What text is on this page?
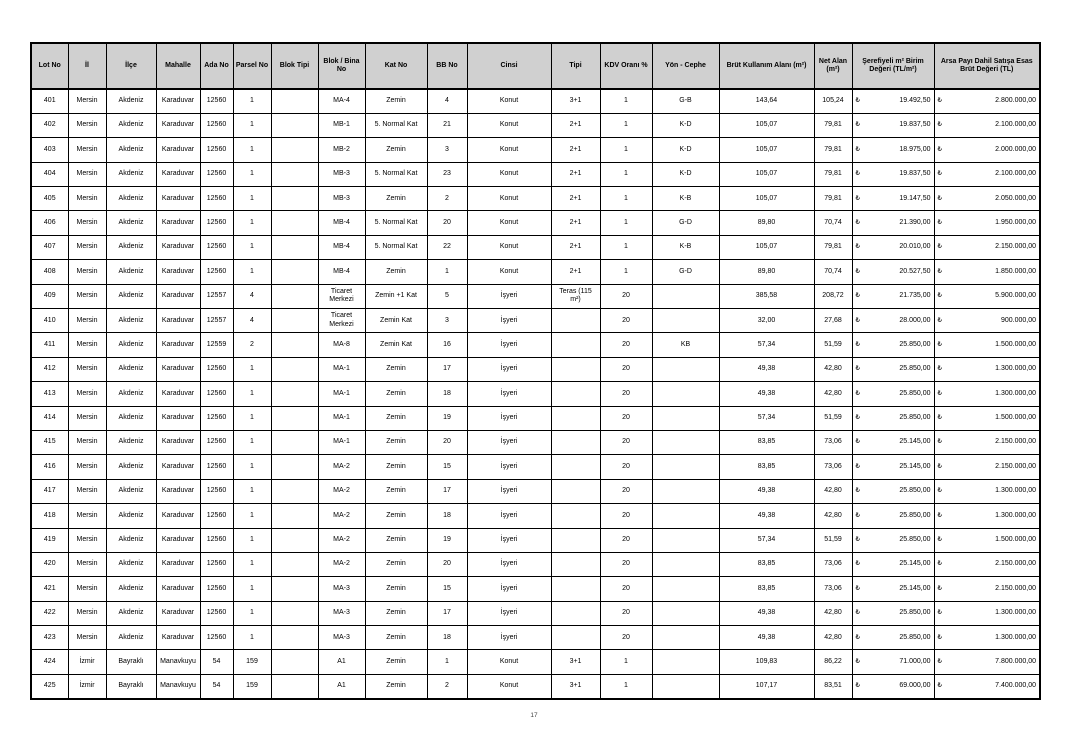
Lot No	İl	İlçe	Mahalle	Ada No	Parsel No	Blok Tipi	Blok / Bina No	Kat No	BB No	Cinsi	Tipi	KDV Oranı %	Yön - Cephe	Brüt Kullanım Alanı (m²)	Net Alan (m²)	Şerefiyeli m² Birim Değeri (TL/m²)	Arsa Payı Dahil Satışa Esas Brüt Değeri (TL)
401	Mersin	Akdeniz	Karaduvar	12560	1		MA-4	Zemin	4	Konut	3+1	1	G-B	143,64	105,24	₺ 19.492,50	₺ 2.800.000,00

402	Mersin	Akdeniz	Karaduvar	12560	1		MB-1	5. Normal Kat	21	Konut	2+1	1	K-D	105,07	79,81	₺ 19.837,50	₺ 2.100.000,00

403	Mersin	Akdeniz	Karaduvar	12560	1		MB-2	Zemin	3	Konut	2+1	1	K-D	105,07	79,81	₺ 18.975,00	₺ 2.000.000,00

404	Mersin	Akdeniz	Karaduvar	12560	1		MB-3	5. Normal Kat	23	Konut	2+1	1	K-D	105,07	79,81	₺ 19.837,50	₺ 2.100.000,00

405	Mersin	Akdeniz	Karaduvar	12560	1		MB-3	Zemin	2	Konut	2+1	1	K-B	105,07	79,81	₺ 19.147,50	₺ 2.050.000,00

406	Mersin	Akdeniz	Karaduvar	12560	1		MB-4	5. Normal Kat	20	Konut	2+1	1	G-D	89,80	70,74	₺ 21.390,00	₺ 1.950.000,00

407	Mersin	Akdeniz	Karaduvar	12560	1		MB-4	5. Normal Kat	22	Konut	2+1	1	K-B	105,07	79,81	₺ 20.010,00	₺ 2.150.000,00

408	Mersin	Akdeniz	Karaduvar	12560	1		MB-4	Zemin	1	Konut	2+1	1	G-D	89,80	70,74	₺ 20.527,50	₺ 1.850.000,00

409	Mersin	Akdeniz	Karaduvar	12557	4		Ticaret Merkezi	Zemin +1 Kat	5	İşyeri	Teras (115 m²)	20		385,58	208,72	₺ 21.735,00	₺ 5.900.000,00

410	Mersin	Akdeniz	Karaduvar	12557	4		Ticaret Merkezi	Zemin Kat	3	İşyeri		20		32,00	27,68	₺ 28.000,00	₺ 900.000,00

411	Mersin	Akdeniz	Karaduvar	12559	2		MA-8	Zemin Kat	16	İşyeri		20	KB	57,34	51,59	₺ 25.850,00	₺ 1.500.000,00

412	Mersin	Akdeniz	Karaduvar	12560	1		MA-1	Zemin	17	İşyeri		20		49,38	42,80	₺ 25.850,00	₺ 1.300.000,00

413	Mersin	Akdeniz	Karaduvar	12560	1		MA-1	Zemin	18	İşyeri		20		49,38	42,80	₺ 25.850,00	₺ 1.300.000,00

414	Mersin	Akdeniz	Karaduvar	12560	1		MA-1	Zemin	19	İşyeri		20		57,34	51,59	₺ 25.850,00	₺ 1.500.000,00

415	Mersin	Akdeniz	Karaduvar	12560	1		MA-1	Zemin	20	İşyeri		20		83,85	73,06	₺ 25.145,00	₺ 2.150.000,00

416	Mersin	Akdeniz	Karaduvar	12560	1		MA-2	Zemin	15	İşyeri		20		83,85	73,06	₺ 25.145,00	₺ 2.150.000,00

417	Mersin	Akdeniz	Karaduvar	12560	1		MA-2	Zemin	17	İşyeri		20		49,38	42,80	₺ 25.850,00	₺ 1.300.000,00

418	Mersin	Akdeniz	Karaduvar	12560	1		MA-2	Zemin	18	İşyeri		20		49,38	42,80	₺ 25.850,00	₺ 1.300.000,00

419	Mersin	Akdeniz	Karaduvar	12560	1		MA-2	Zemin	19	İşyeri		20		57,34	51,59	₺ 25.850,00	₺ 1.500.000,00

420	Mersin	Akdeniz	Karaduvar	12560	1		MA-2	Zemin	20	İşyeri		20		83,85	73,06	₺ 25.145,00	₺ 2.150.000,00

421	Mersin	Akdeniz	Karaduvar	12560	1		MA-3	Zemin	15	İşyeri		20		83,85	73,06	₺ 25.145,00	₺ 2.150.000,00

422	Mersin	Akdeniz	Karaduvar	12560	1		MA-3	Zemin	17	İşyeri		20		49,38	42,80	₺ 25.850,00	₺ 1.300.000,00

423	Mersin	Akdeniz	Karaduvar	12560	1		MA-3	Zemin	18	İşyeri		20		49,38	42,80	₺ 25.850,00	₺ 1.300.000,00

424	İzmir	Bayraklı	Manavkuyu	54	159		A1	Zemin	1	Konut	3+1	1		109,83	86,22	₺ 71.000,00	₺ 7.800.000,00

425	İzmir	Bayraklı	Manavkuyu	54	159		A1	Zemin	2	Konut	3+1	1		107,17	83,51	₺ 69.000,00	₺ 7.400.000,00
17
